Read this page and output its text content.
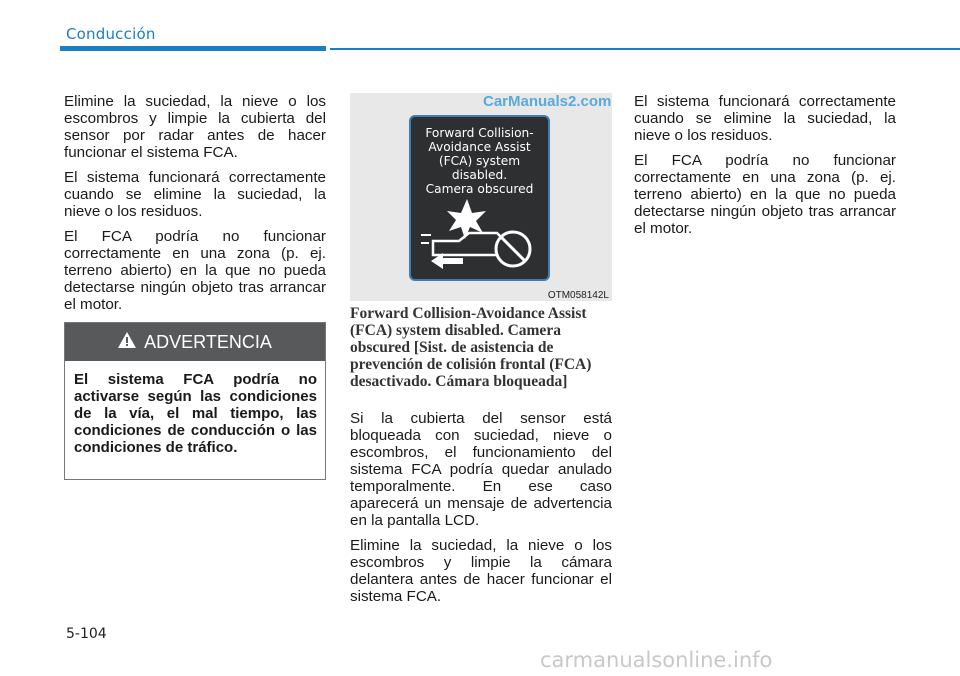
Conducción

Elimine la suciedad, la nieve o los escombros y limpie la cubierta del sensor por radar antes de hacer funcionar el sistema FCA.

El sistema funcionará correctamente cuando se elimine la suciedad, la nieve o los residuos.

El FCA podría no funcionar correctamente en una zona (p. ej. terreno abierto) en la que no pueda detectarse ningún objeto tras arrancar el motor.

ADVERTENCIA
El sistema FCA podría no activarse según las condiciones de la vía, el mal tiempo, las condiciones de conducción o las condiciones de tráfico.
CarManuals2.com
Forward Collision-
Avoidance Assist
(FCA) system
disabled.
Camera obscured
OTM058142L
Forward Collision-Avoidance Assist (FCA) system disabled. Camera obscured [Sist. de asistencia de prevención de colisión frontal (FCA) desactivado. Cámara bloqueada]

Si la cubierta del sensor está bloqueada con suciedad, nieve o escombros, el funcionamiento del sistema FCA podría quedar anulado temporalmente. En ese caso aparecerá un mensaje de advertencia en la pantalla LCD.

Elimine la suciedad, la nieve o los escombros y limpie la cámara delantera antes de hacer funcionar el sistema FCA.

El sistema funcionará correctamente cuando se elimine la suciedad, la nieve o los residuos.

El FCA podría no funcionar correctamente en una zona (p. ej. terreno abierto) en la que no pueda detectarse ningún objeto tras arrancar el motor.

5-104
carmanualsonline.info
